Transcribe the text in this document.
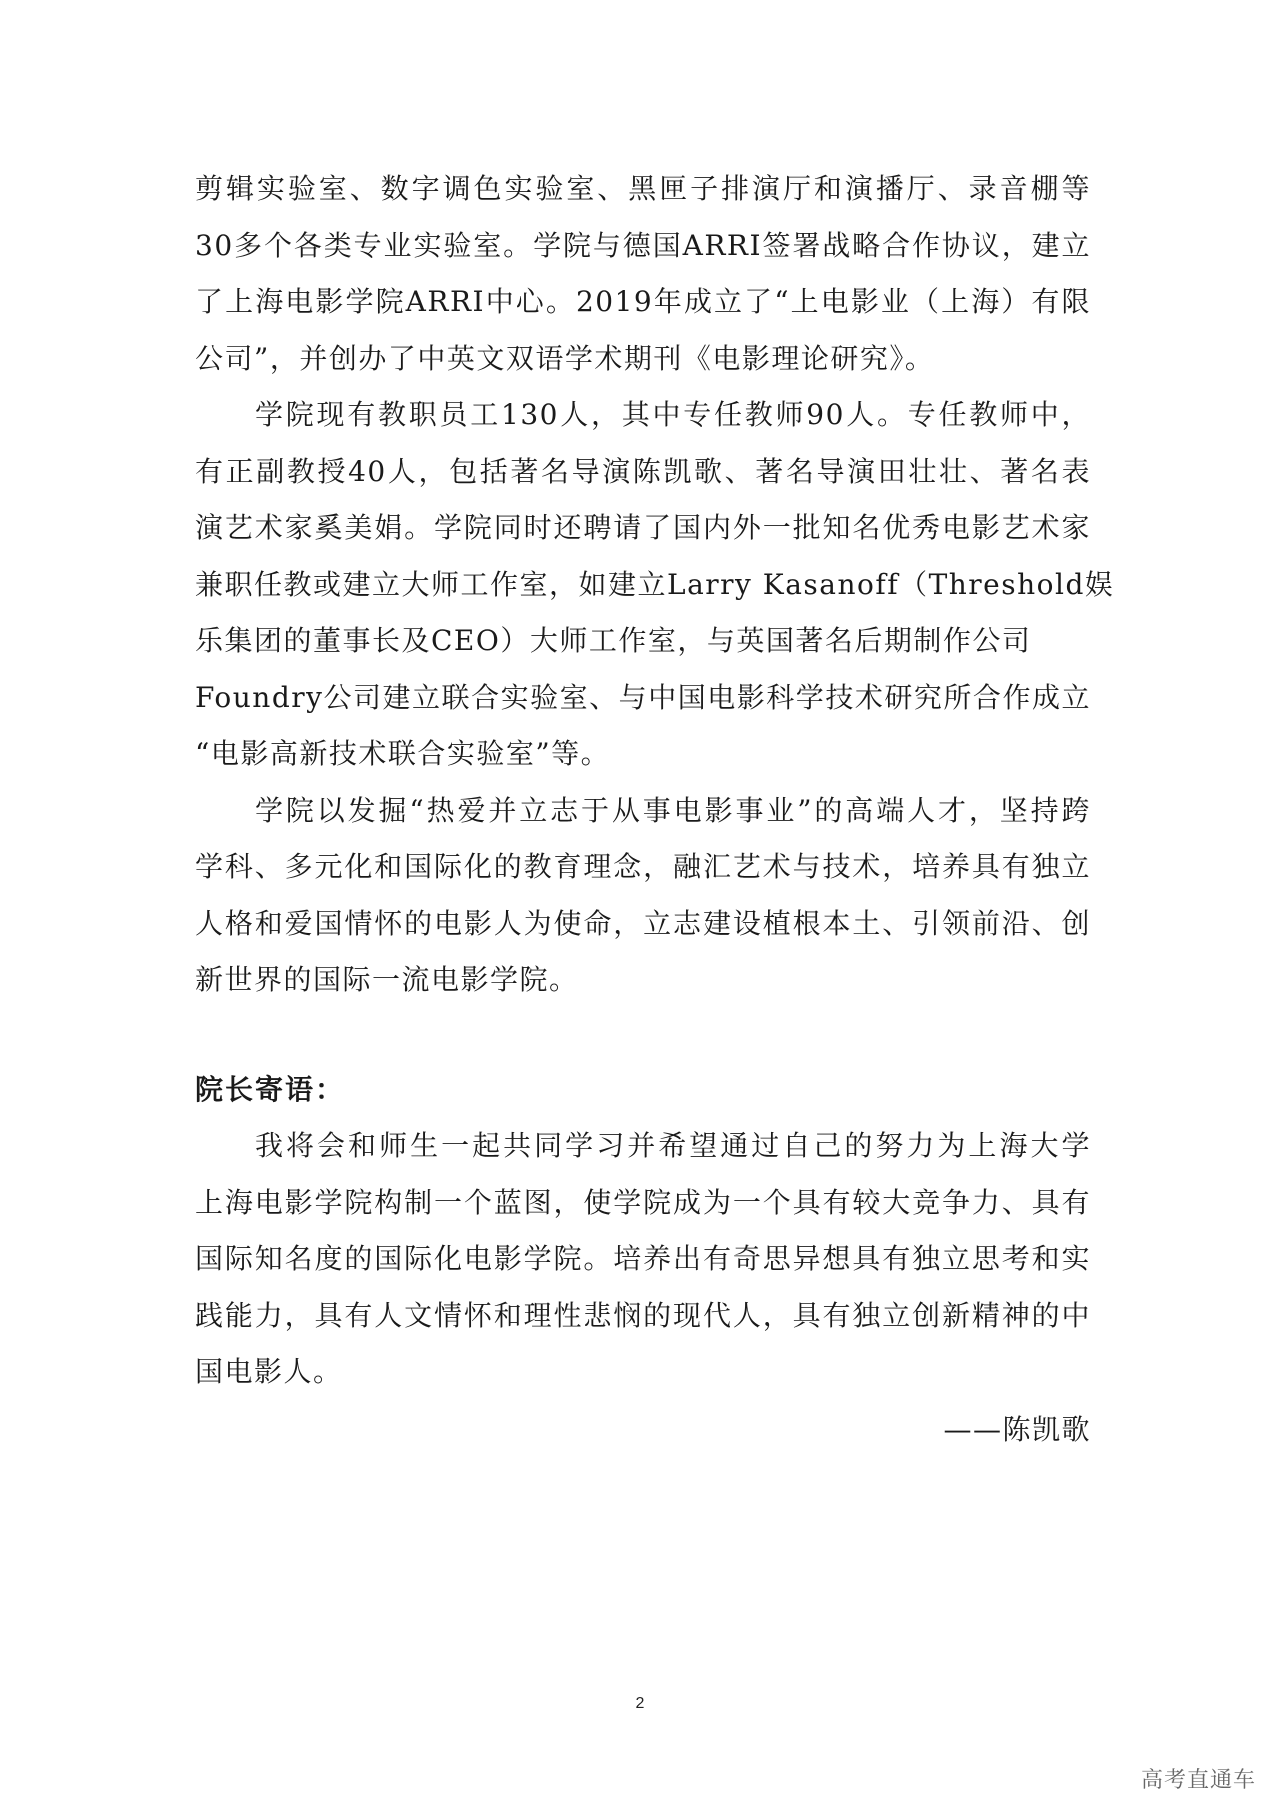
剪辑实验室、数字调色实验室、黑匣子排演厅和演播厅、录音棚等
30多个各类专业实验室。学院与德国ARRI签署战略合作协议，建立
了上海电影学院ARRI中心。2019年成立了“上电影业（上海）有限
公司”，并创办了中英文双语学术期刊《电影理论研究》。
学院现有教职员工130人，其中专任教师90人。专任教师中，
有正副教授40人，包括著名导演陈凯歌、著名导演田壮壮、著名表
演艺术家奚美娟。学院同时还聘请了国内外一批知名优秀电影艺术家
兼职任教或建立大师工作室，如建立Larry Kasanoff（Threshold娱
乐集团的董事长及CEO）大师工作室，与英国著名后期制作公司
Foundry公司建立联合实验室、与中国电影科学技术研究所合作成立
“电影高新技术联合实验室”等。
学院以发掘“热爱并立志于从事电影事业”的高端人才，坚持跨
学科、多元化和国际化的教育理念，融汇艺术与技术，培养具有独立
人格和爱国情怀的电影人为使命，立志建设植根本土、引领前沿、创
新世界的国际一流电影学院。
院长寄语：
我将会和师生一起共同学习并希望通过自己的努力为上海大学
上海电影学院构制一个蓝图，使学院成为一个具有较大竞争力、具有
国际知名度的国际化电影学院。培养出有奇思异想具有独立思考和实
践能力，具有人文情怀和理性悲悯的现代人，具有独立创新精神的中
国电影人。
——陈凯歌
2
高考直通车
